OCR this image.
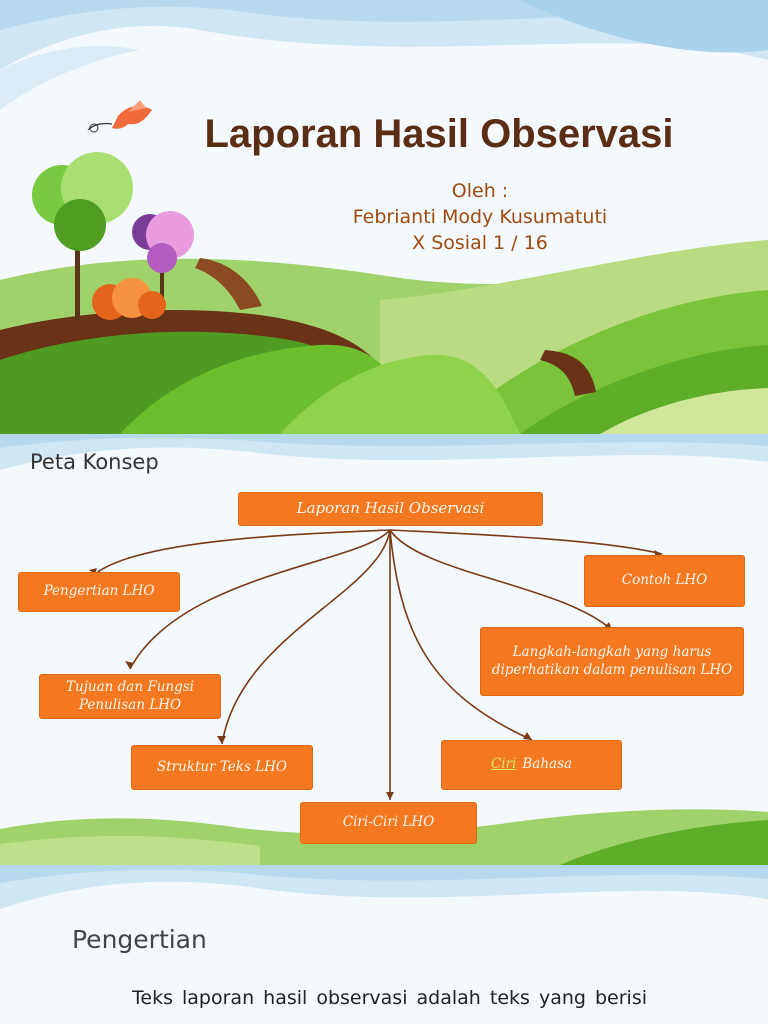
Laporan Hasil Observasi
Oleh :
Febrianti Mody Kusumatuti
X Sosial 1 / 16
Peta Konsep
Laporan Hasil Observasi
Pengertian LHO
Contoh LHO
Langkah-langkah yang harus diperhatikan dalam penulisan LHO
Tujuan dan Fungsi Penulisan LHO
Struktur Teks LHO	Ciri Bahasa
Ciri-Ciri LHO
Pengertian
Teks laporan hasil observasi adalah teks yang berisi
